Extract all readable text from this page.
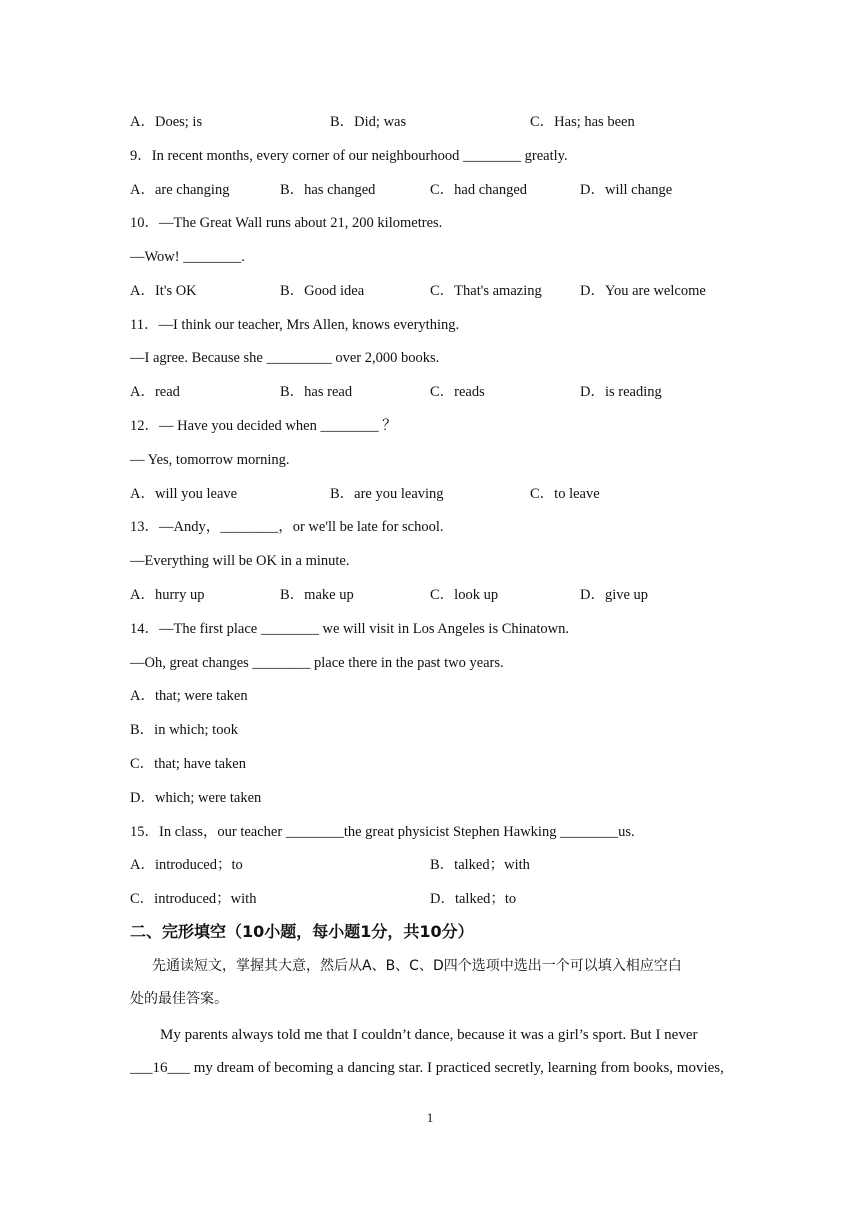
A．Does; is	B．Did; was	C．Has; has been
9．In recent months, every corner of our neighbourhood ________ greatly.
A．are changing	B．has changed	C．had changed	D．will change
10．—The Great Wall runs about 21, 200 kilometres.
—Wow! ________.
A．It's OK	B．Good idea	C．That's amazing	D．You are welcome
11．—I think our teacher, Mrs Allen, knows everything.
—I agree. Because she _________ over 2,000 books.
A．read	B．has read	C．reads	D．is reading
12．— Have you decided when ________ ？
— Yes, tomorrow morning.
A．will you leave	B．are you leaving	C．to leave
13．—Andy，________，or we'll be late for school.
—Everything will be OK in a minute.
A．hurry up	B．make up	C．look up	D．give up
14．—The first place ________ we will visit in Los Angeles is Chinatown.
—Oh, great changes ________ place there in the past two years.
A．that; were taken
B．in which; took
C．that; have taken
D．which; were taken
15．In class，our teacher ________the great physicist Stephen Hawking ________us.
A．introduced；to	B．talked；with
C．introduced；with	D．talked；to
二、完形填空（10小题，每小题1分，共10分）
先通读短文，掌握其大意，然后从A、B、C、D四个选项中选出一个可以填入相应空白
处的最佳答案。
My parents always told me that I couldn’t dance, because it was a girl’s sport. But I never
___16___ my dream of becoming a dancing star. I practiced secretly, learning from books, movies,
1
